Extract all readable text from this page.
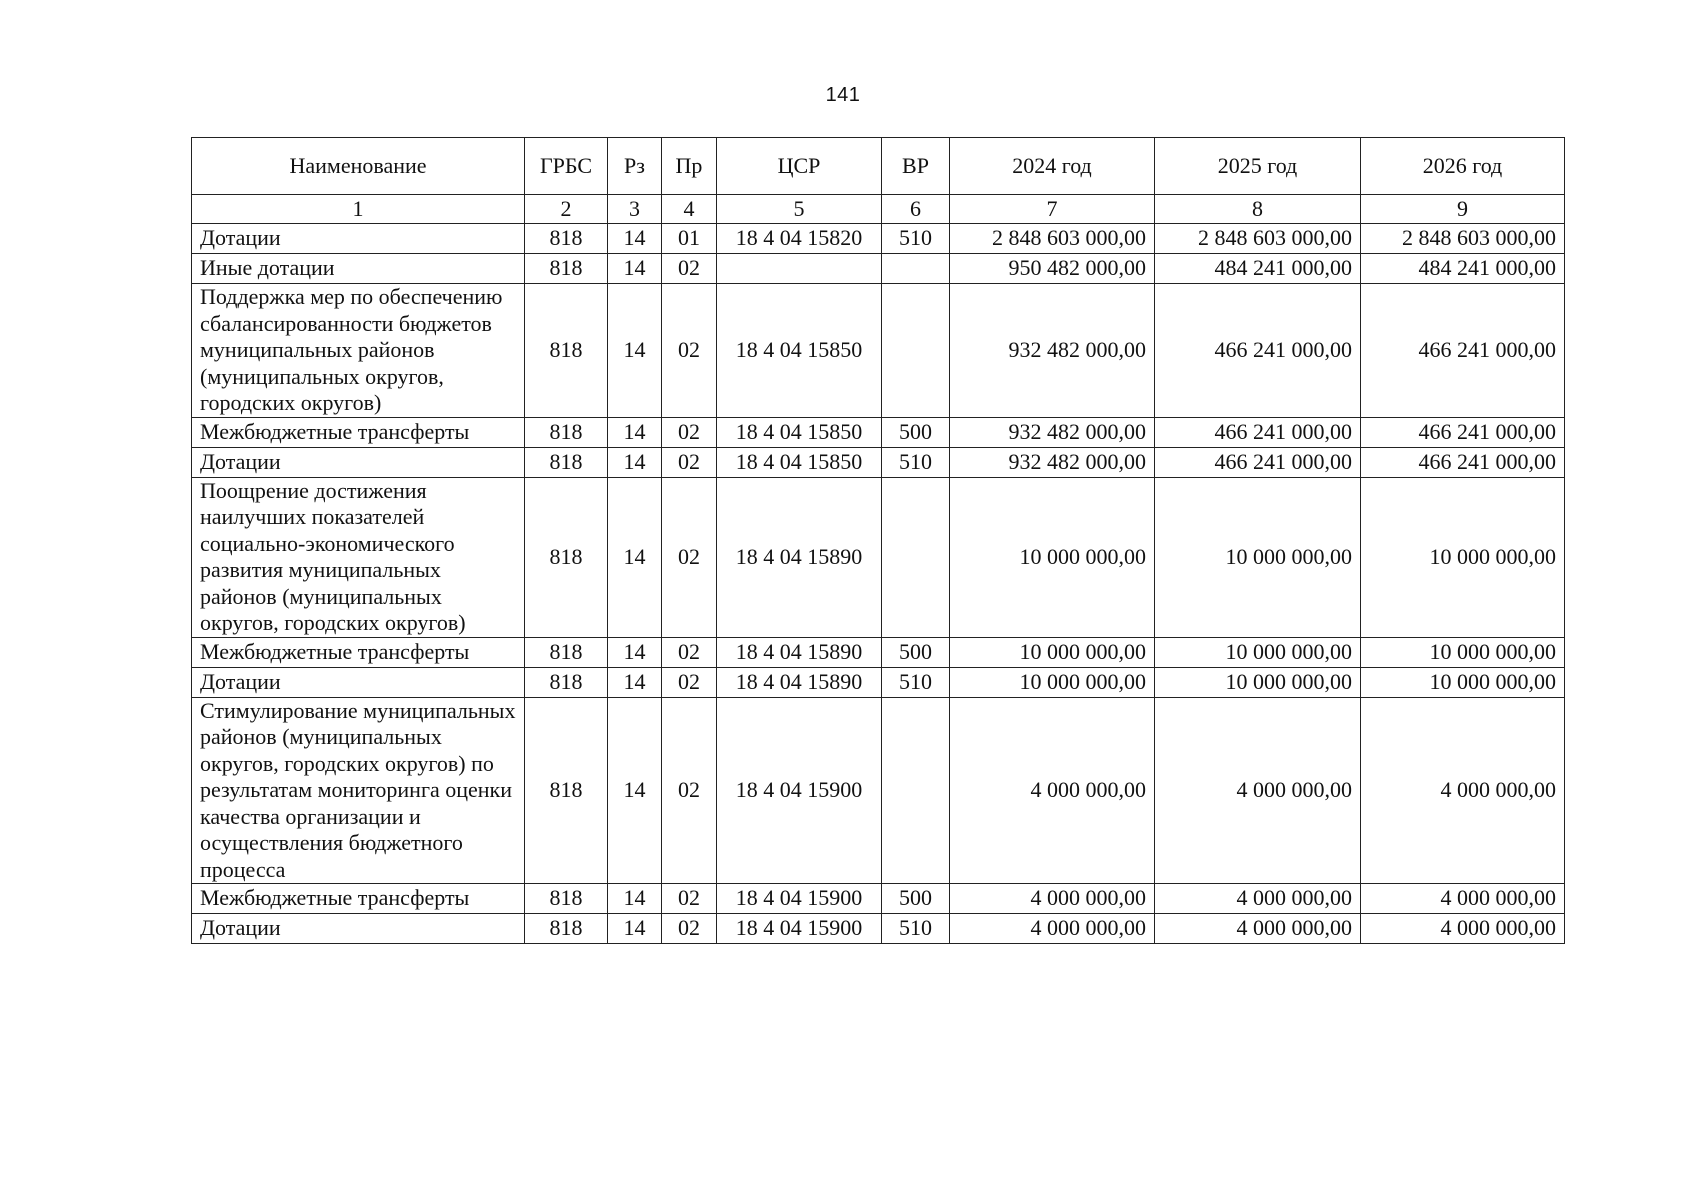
141
Наименование	ГРБС	Рз	Пр	ЦСР	ВР	2024 год	2025 год	2026 год
1	2	3	4	5	6	7	8	9
Дотации	818	14	01	18 4 04 15820	510	2 848 603 000,00	2 848 603 000,00	2 848 603 000,00
Иные дотации	818	14	02			950 482 000,00	484 241 000,00	484 241 000,00
Поддержка мер по обеспечению сбалансированности бюджетов муниципальных районов (муниципальных округов, городских округов)	818	14	02	18 4 04 15850		932 482 000,00	466 241 000,00	466 241 000,00
Межбюджетные трансферты	818	14	02	18 4 04 15850	500	932 482 000,00	466 241 000,00	466 241 000,00
Дотации	818	14	02	18 4 04 15850	510	932 482 000,00	466 241 000,00	466 241 000,00
Поощрение достижения наилучших показателей социально-экономического развития муниципальных районов (муниципальных округов, городских округов)	818	14	02	18 4 04 15890		10 000 000,00	10 000 000,00	10 000 000,00
Межбюджетные трансферты	818	14	02	18 4 04 15890	500	10 000 000,00	10 000 000,00	10 000 000,00
Дотации	818	14	02	18 4 04 15890	510	10 000 000,00	10 000 000,00	10 000 000,00
Стимулирование муниципальных районов (муниципальных округов, городских округов) по результатам мониторинга оценки качества организации и осуществления бюджетного процесса	818	14	02	18 4 04 15900		4 000 000,00	4 000 000,00	4 000 000,00
Межбюджетные трансферты	818	14	02	18 4 04 15900	500	4 000 000,00	4 000 000,00	4 000 000,00
Дотации	818	14	02	18 4 04 15900	510	4 000 000,00	4 000 000,00	4 000 000,00
